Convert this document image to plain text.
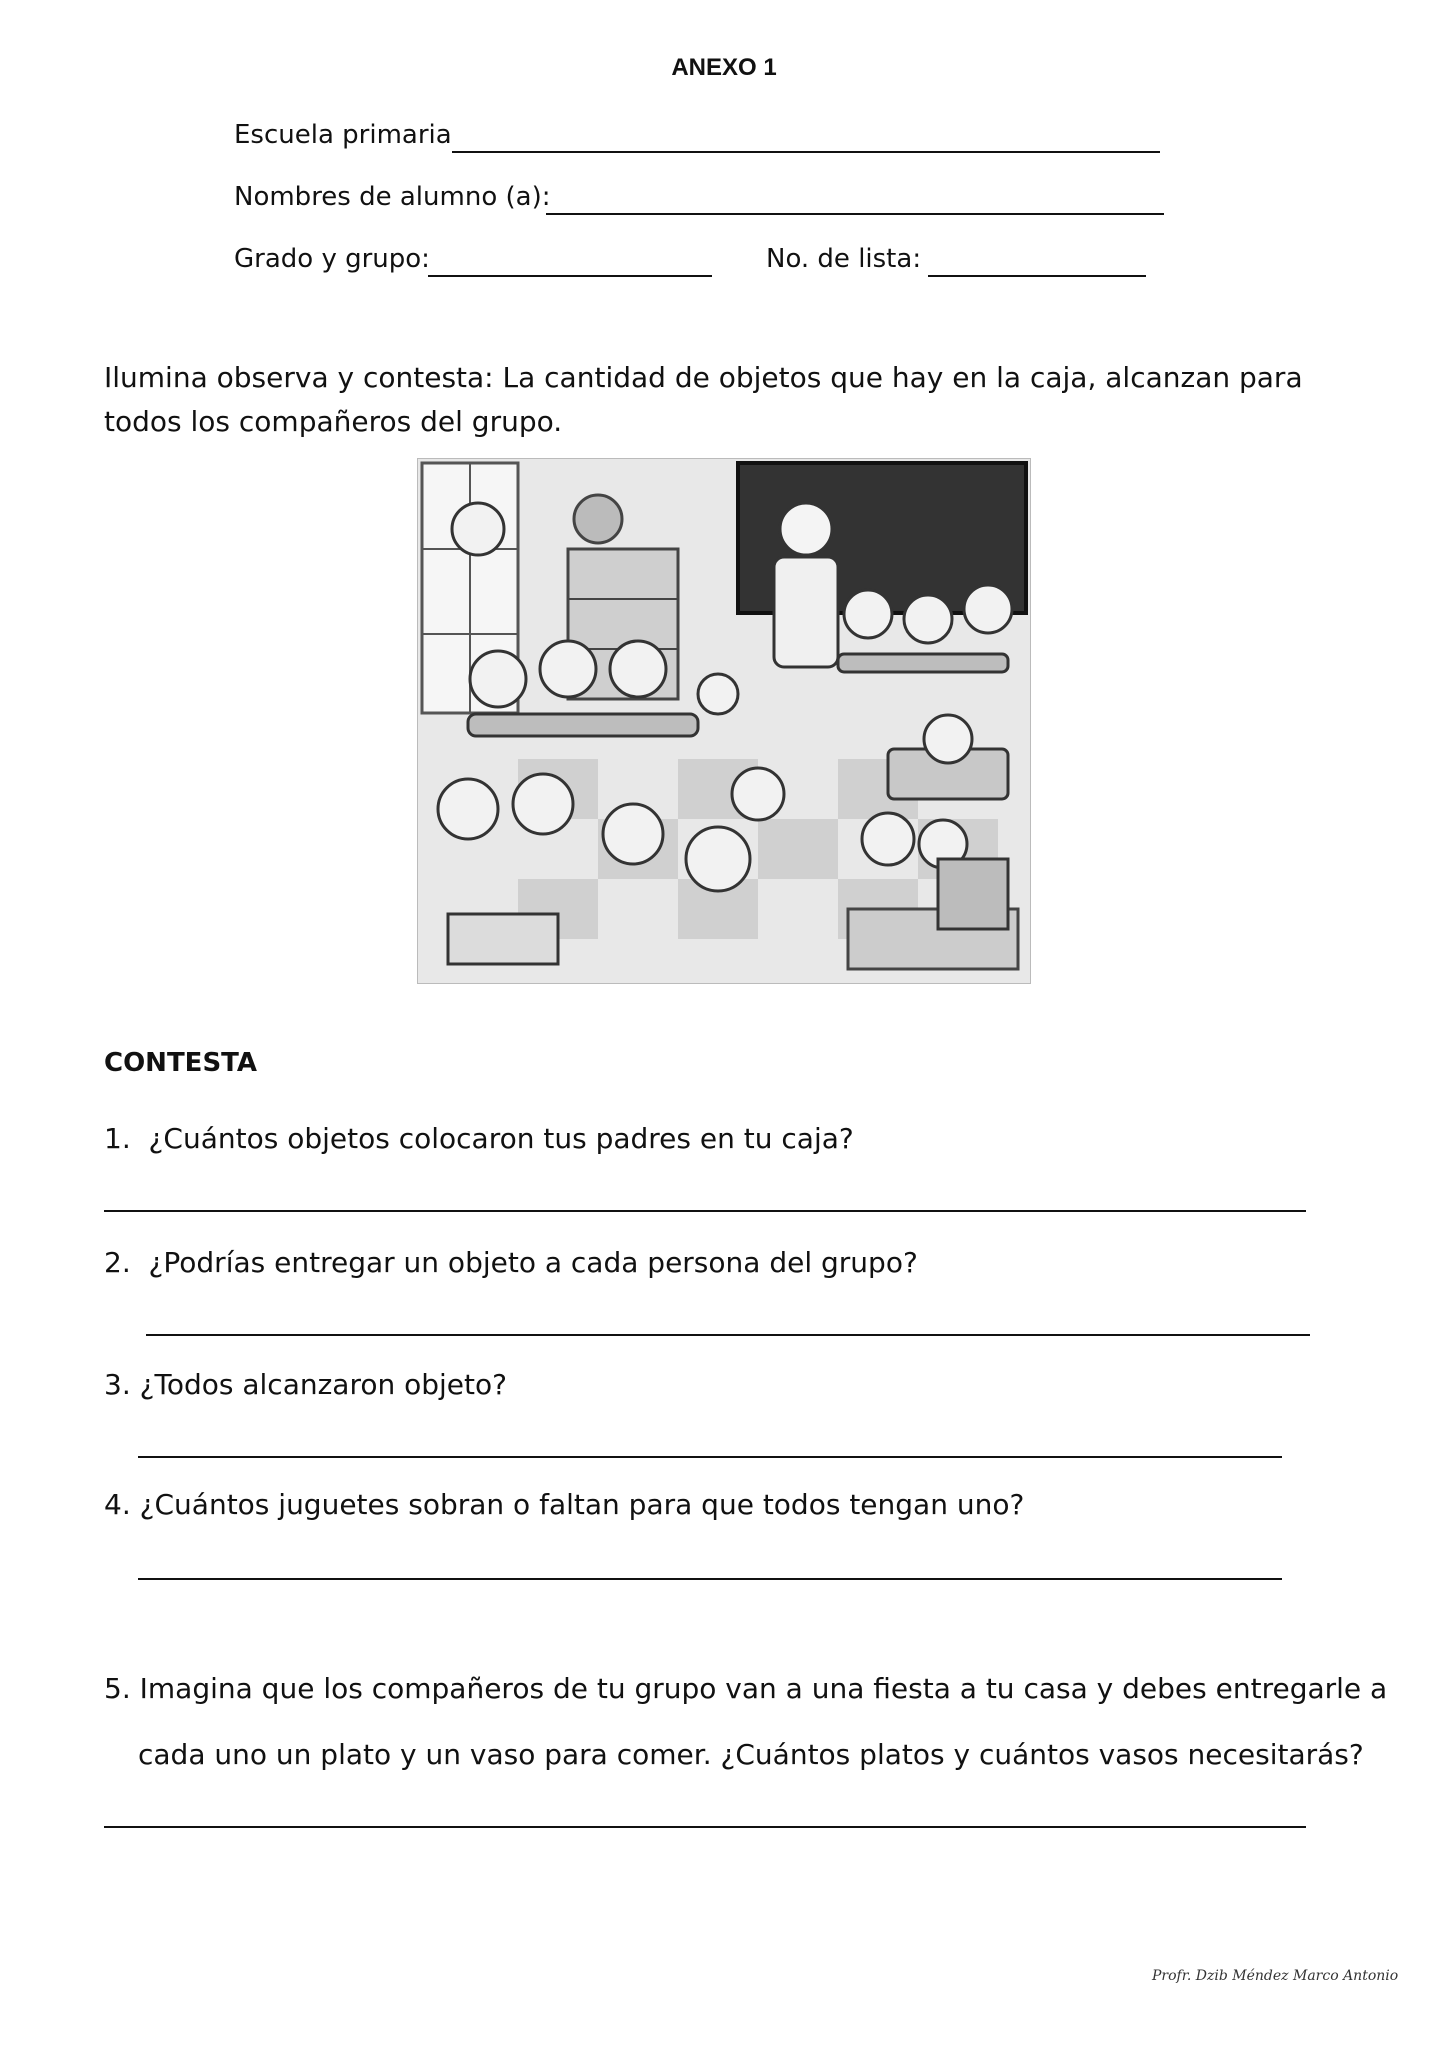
ANEXO 1
Escuela primaria
Nombres de alumno (a):
Grado y grupo:	No. de lista:
Ilumina observa y contesta: La cantidad de objetos que hay en la caja, alcanzan para todos los compañeros del grupo.
CONTESTA
1. ¿Cuántos objetos colocaron tus padres en tu caja?
2. ¿Podrías entregar un objeto a cada persona del grupo?
3. ¿Todos alcanzaron objeto?
4. ¿Cuántos juguetes sobran o faltan para que todos tengan uno?
5. Imagina que los compañeros de tu grupo van a una fiesta a tu casa y debes entregarle a
cada uno un plato y un vaso para comer. ¿Cuántos platos y cuántos vasos necesitarás?
Profr. Dzib Méndez Marco Antonio
